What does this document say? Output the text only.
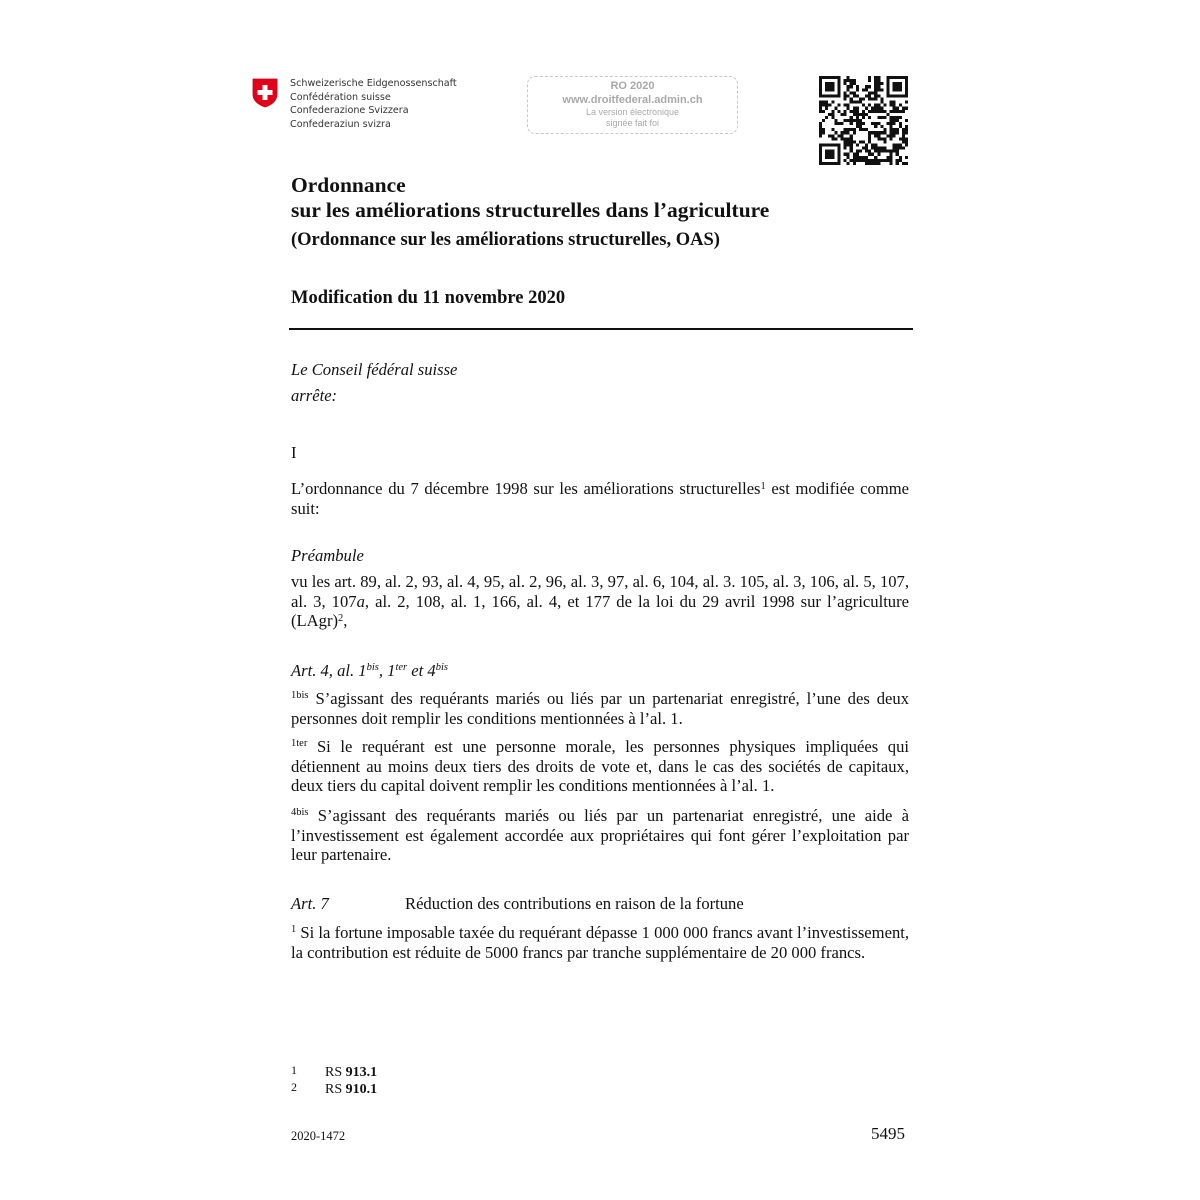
Schweizerische Eidgenossenschaft
Confédération suisse
Confederazione Svizzera
Confederaziun svizra
RO 2020
www.droitfederal.admin.ch
La version électronique
signée fait foi
Ordonnance
sur les améliorations structurelles dans l’agriculture
(Ordonnance sur les améliorations structurelles, OAS)
Modification du 11 novembre 2020
Le Conseil fédéral suisse
arrête:
I
L’ordonnance du 7 décembre 1998 sur les améliorations structurelles$^1$ est modifiée comme suit:
Préambule
vu les art. 89, al. 2, 93, al. 4, 95, al. 2, 96, al. 3, 97, al. 6, 104, al. 3. 105, al. 3, 106, al. 5, 107, al. 3, 107a, al. 2, 108, al. 1, 166, al. 4, et 177 de la loi du 29 avril 1998 sur l’agriculture (LAgr)$^2$,
Art. 4, al. $1^{bis}$, $1^{ter}$ et $4^{bis}$
$^{1bis}$ S’agissant des requérants mariés ou liés par un partenariat enregistré, l’une des deux personnes doit remplir les conditions mentionnées à l’al. 1.
$^{1ter}$ Si le requérant est une personne morale, les personnes physiques impliquées qui détiennent au moins deux tiers des droits de vote et, dans le cas des sociétés de capitaux, deux tiers du capital doivent remplir les conditions mentionnées à l’al. 1.
$^{4bis}$ S’agissant des requérants mariés ou liés par un partenariat enregistré, une aide à l’investissement est également accordée aux propriétaires qui font gérer l’exploitation par leur partenaire.
Art. 7	Réduction des contributions en raison de la fortune
$^1$ Si la fortune imposable taxée du requérant dépasse 1 000 000 francs avant l’investissement, la contribution est réduite de 5000 francs par tranche supplémentaire de 20 000 francs.
1 RS 913.1
2 RS 910.1
2020-1472	5495
